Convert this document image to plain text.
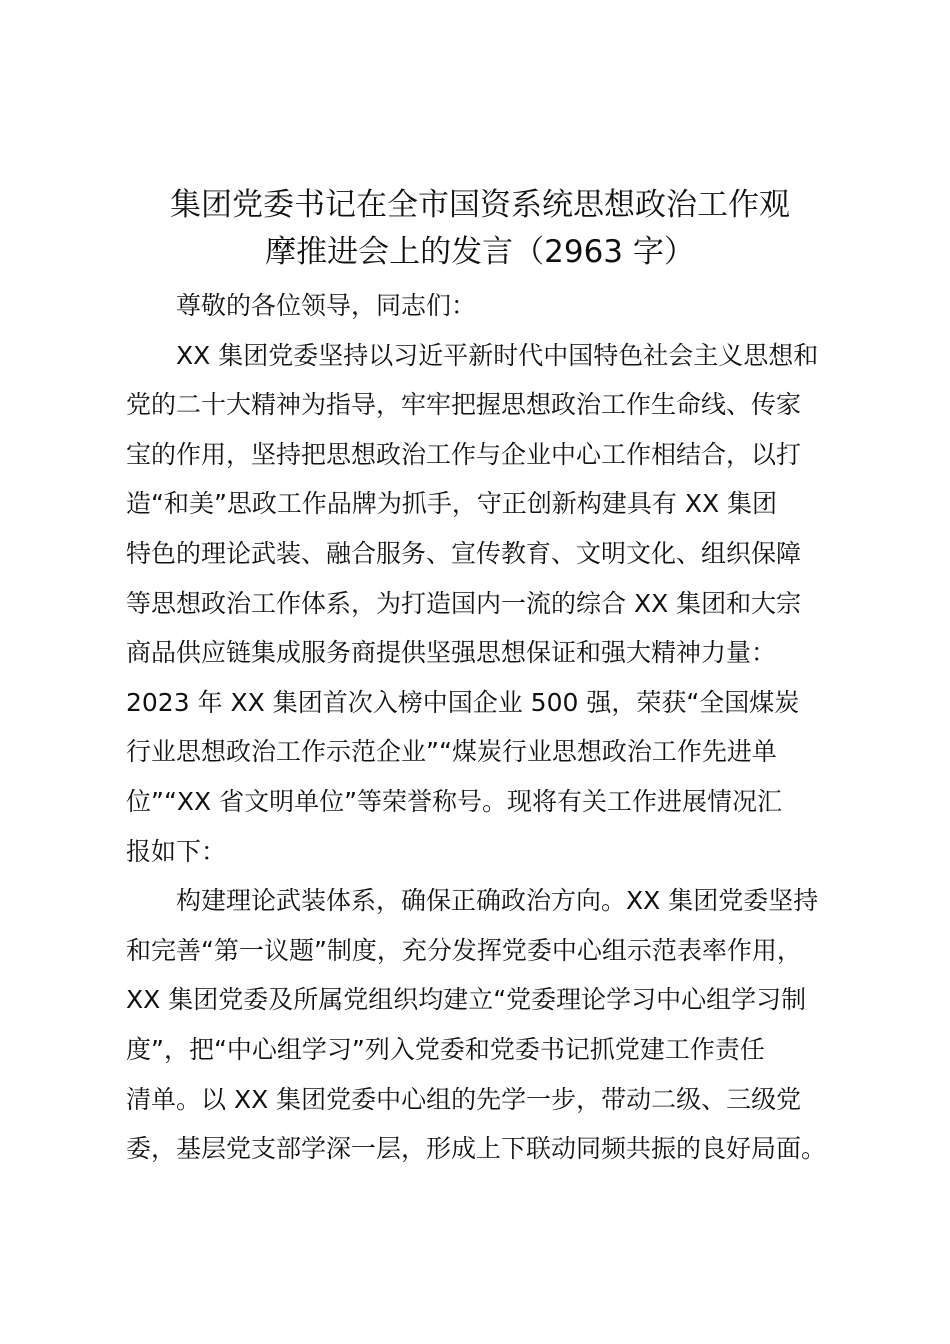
集团党委书记在全市国资系统思想政治工作观
摩推进会上的发言（2963 字）

尊敬的各位领导，同志们：

XX 集团党委坚持以习近平新时代中国特色社会主义思想和

党的二十大精神为指导，牢牢把握思想政治工作生命线、传家

宝的作用，坚持把思想政治工作与企业中心工作相结合，以打

造“和美”思政工作品牌为抓手，守正创新构建具有 XX 集团

特色的理论武装、融合服务、宣传教育、文明文化、组织保障

等思想政治工作体系，为打造国内一流的综合 XX 集团和大宗

商品供应链集成服务商提供坚强思想保证和强大精神力量：

2023 年 XX 集团首次入榜中国企业 500 强，荣获“全国煤炭

行业思想政治工作示范企业”“煤炭行业思想政治工作先进单

位”“XX 省文明单位”等荣誉称号。现将有关工作进展情况汇

报如下：

构建理论武装体系，确保正确政治方向。XX 集团党委坚持

和完善“第一议题”制度，充分发挥党委中心组示范表率作用，

XX 集团党委及所属党组织均建立“党委理论学习中心组学习制

度”，把“中心组学习”列入党委和党委书记抓党建工作责任

清单。以 XX 集团党委中心组的先学一步，带动二级、三级党

委，基层党支部学深一层，形成上下联动同频共振的良好局面。
